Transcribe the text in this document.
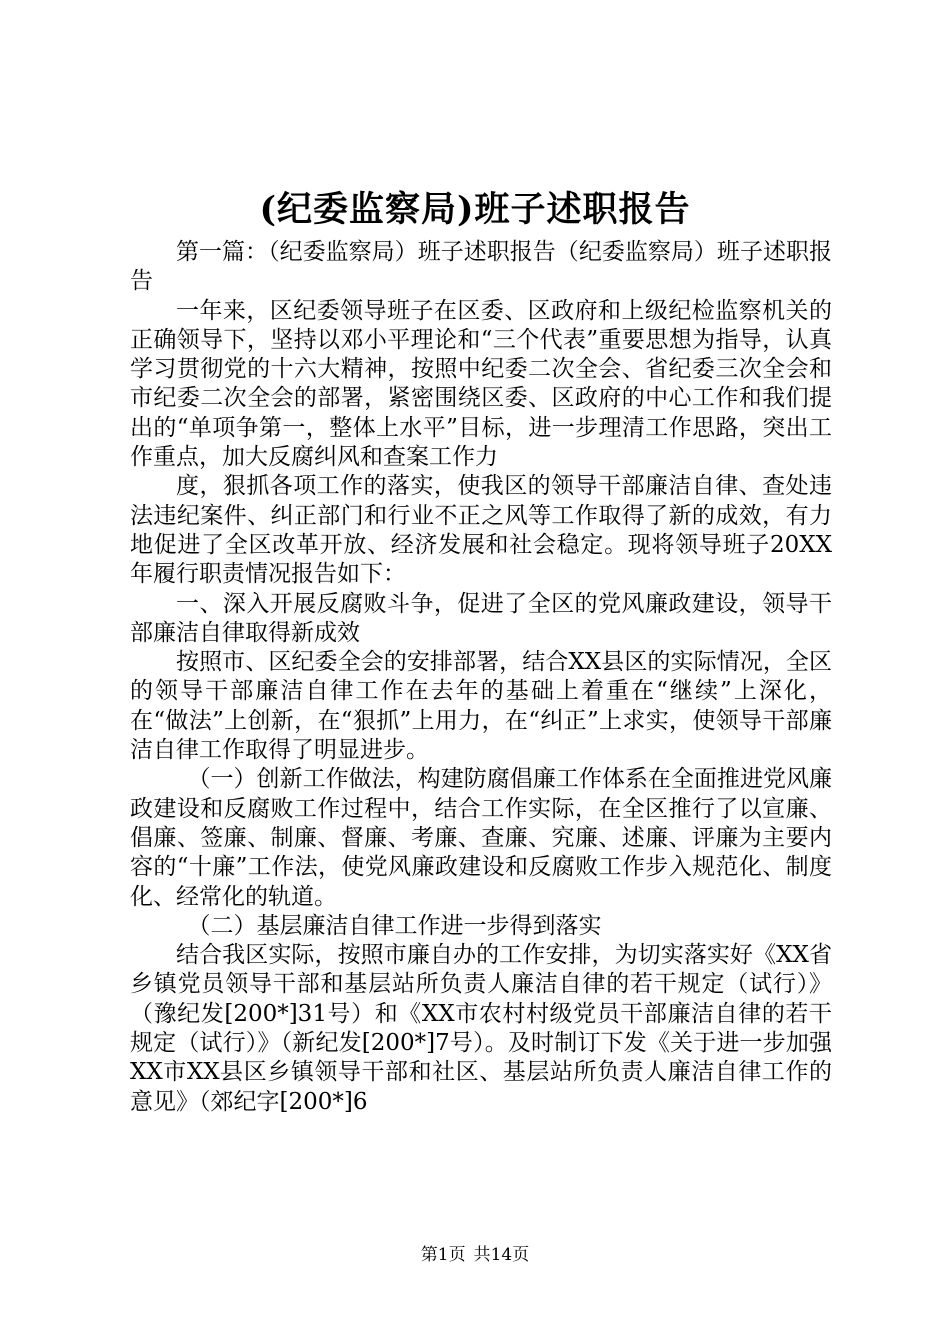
(纪委监察局)班子述职报告

第一篇：（纪委监察局）班子述职报告（纪委监察局）班子述职报告

一年来，区纪委领导班子在区委、区政府和上级纪检监察机关的正确领导下，坚持以邓小平理论和“三个代表”重要思想为指导，认真学习贯彻党的十六大精神，按照中纪委二次全会、省纪委三次全会和市纪委二次全会的部署，紧密围绕区委、区政府的中心工作和我们提出的“单项争第一，整体上水平”目标，进一步理清工作思路，突出工作重点，加大反腐纠风和查案工作力

度，狠抓各项工作的落实，使我区的领导干部廉洁自律、查处违法违纪案件、纠正部门和行业不正之风等工作取得了新的成效，有力地促进了全区改革开放、经济发展和社会稳定。现将领导班子20XX年履行职责情况报告如下：

一、深入开展反腐败斗争，促进了全区的党风廉政建设，领导干部廉洁自律取得新成效

按照市、区纪委全会的安排部署，结合XX县区的实际情况，全区的领导干部廉洁自律工作在去年的基础上着重在“继续”上深化，在“做法”上创新，在“狠抓”上用力，在“纠正”上求实，使领导干部廉洁自律工作取得了明显进步。

（一）创新工作做法，构建防腐倡廉工作体系在全面推进党风廉政建设和反腐败工作过程中，结合工作实际，在全区推行了以宣廉、倡廉、签廉、制廉、督廉、考廉、查廉、究廉、述廉、评廉为主要内容的“十廉”工作法，使党风廉政建设和反腐败工作步入规范化、制度化、经常化的轨道。

（二）基层廉洁自律工作进一步得到落实

结合我区实际，按照市廉自办的工作安排，为切实落实好《XX省乡镇党员领导干部和基层站所负责人廉洁自律的若干规定（试行）》（豫纪发[200*]31号）和《XX市农村村级党员干部廉洁自律的若干规定（试行）》（新纪发[200*]7号）。及时制订下发《关于进一步加强XX市XX县区乡镇领导干部和社区、基层站所负责人廉洁自律工作的意见》（郊纪字[200*]6

第1页 共14页
